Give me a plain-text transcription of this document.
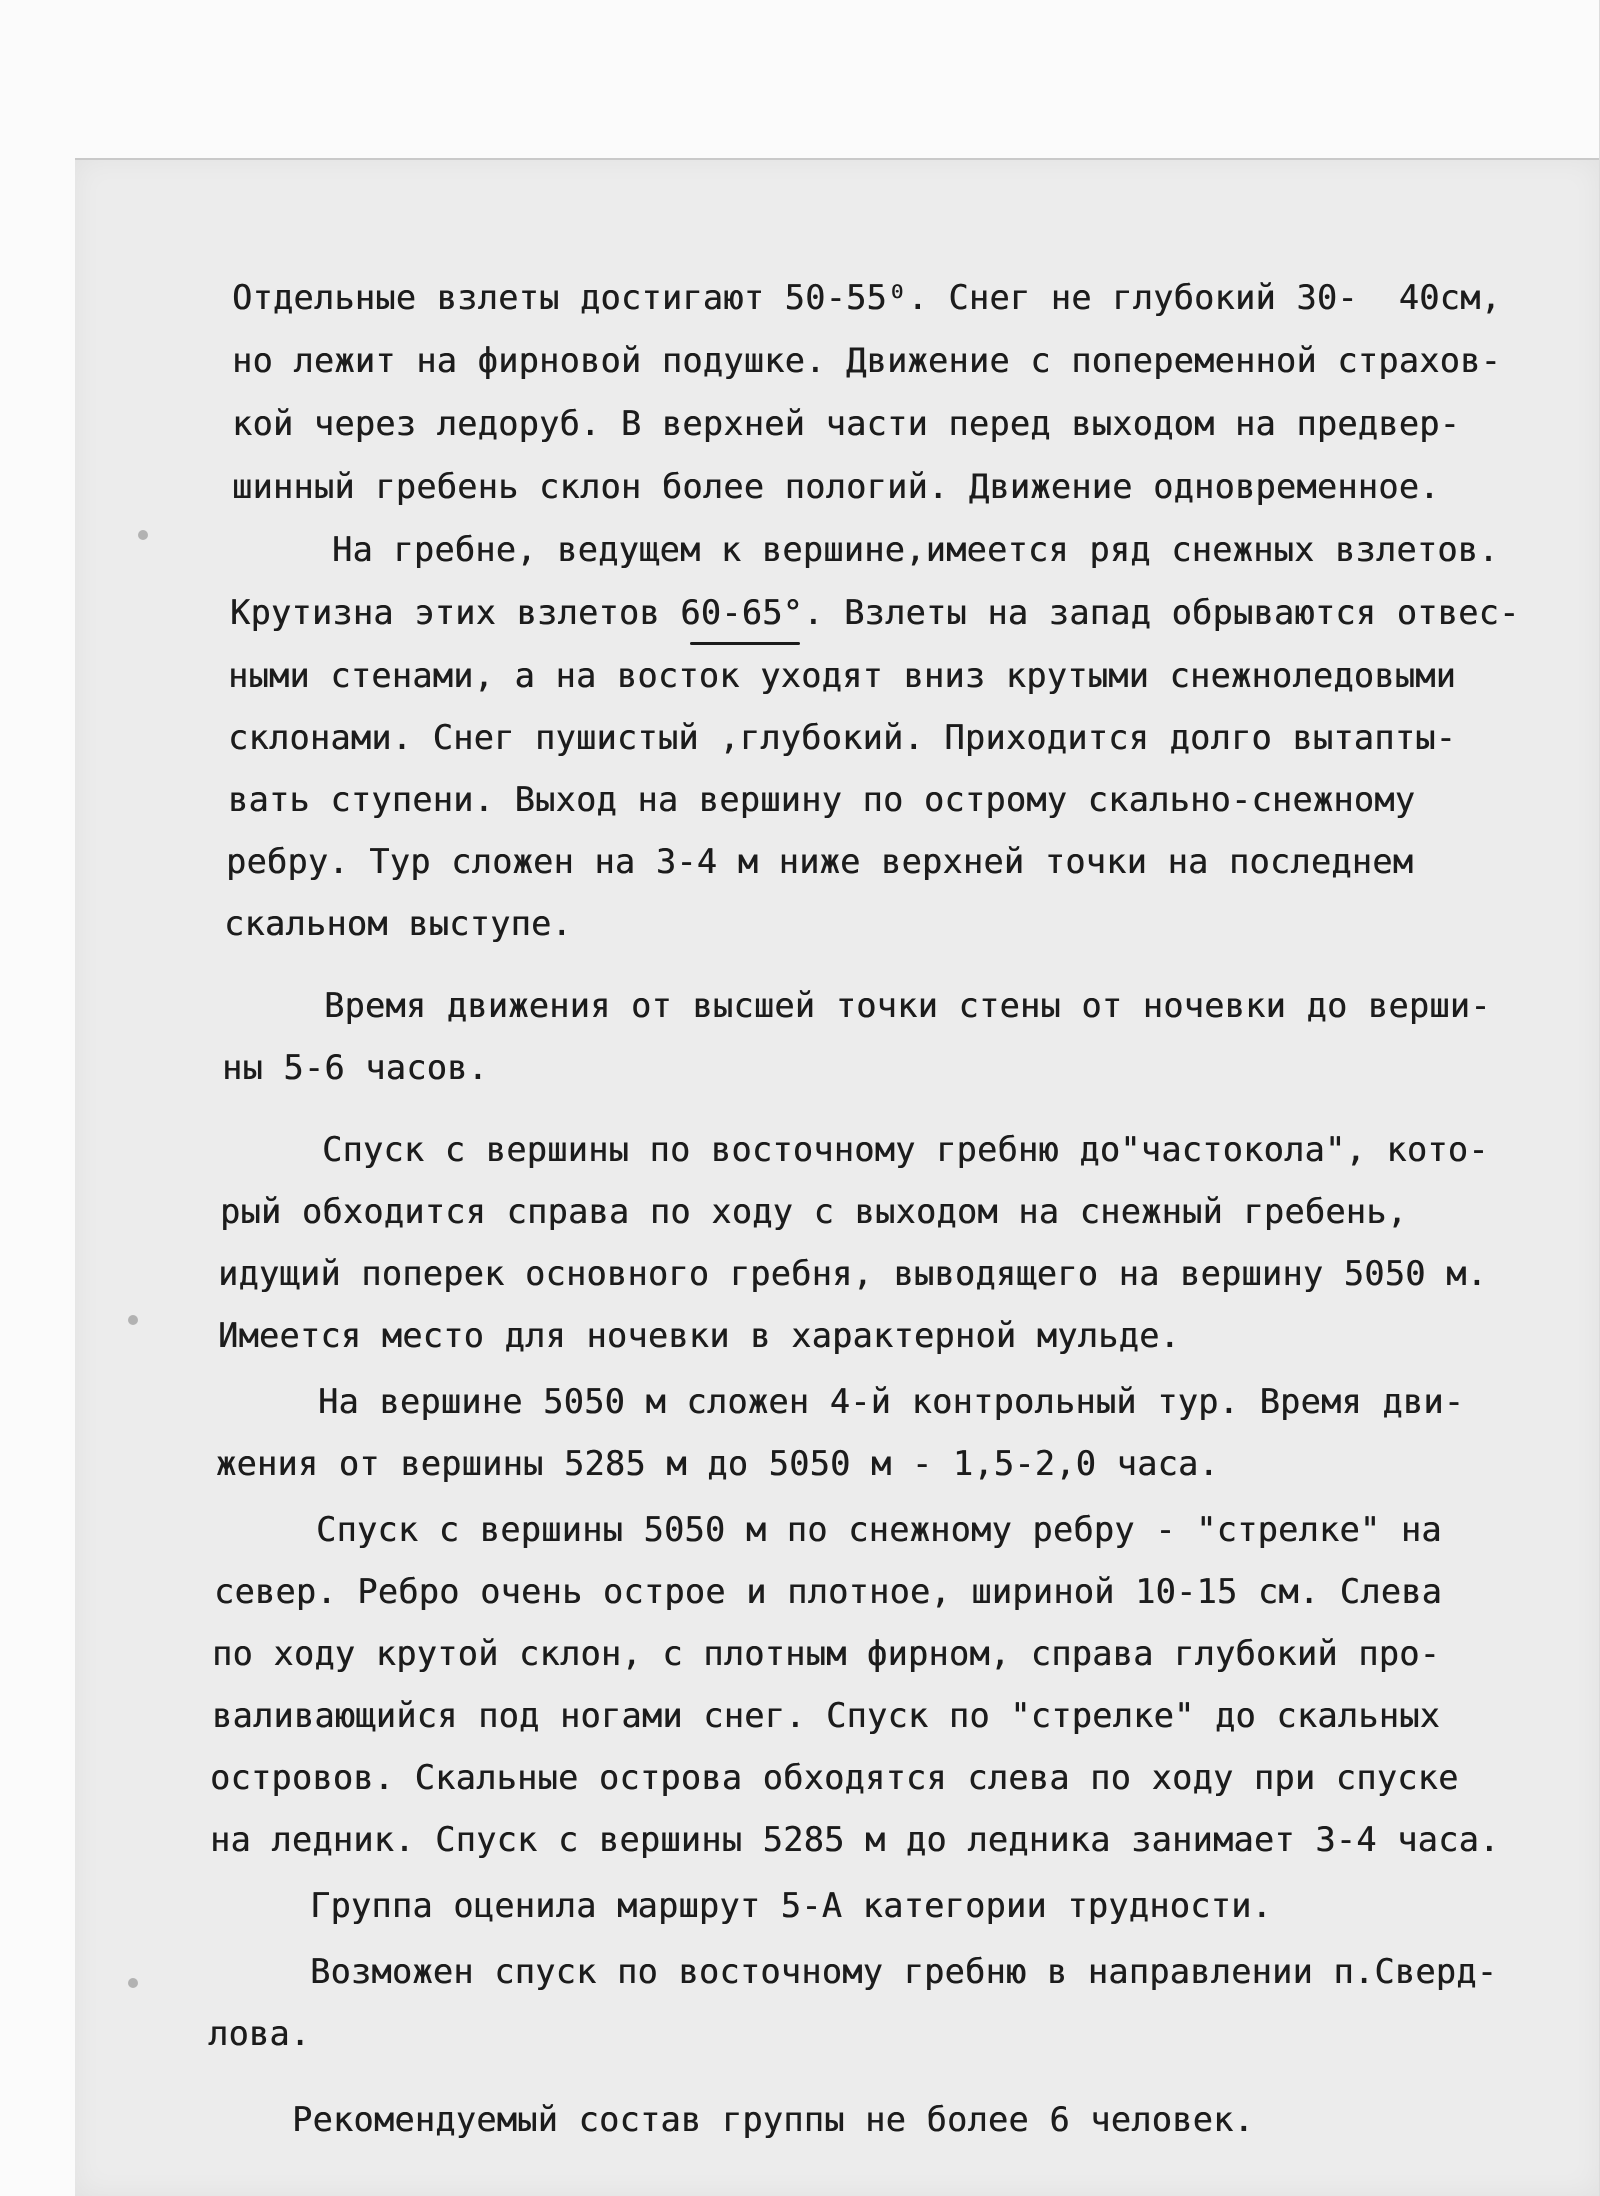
Отдельные взлеты достигают 50-55⁰. Снег не глубокий 30-  40см,
но лежит на фирновой подушке. Движение с попеременной страхов-
кой через ледоруб. В верхней части перед выходом на предвер-
шинный гребень склон более пологий. Движение одновременное.
На гребне, ведущем к вершине,имеется ряд снежных взлетов.
Крутизна этих взлетов 60-65°. Взлеты на запад обрываются отвес-
ными стенами, а на восток уходят вниз крутыми снежноледовыми
склонами. Снег пушистый ,глубокий. Приходится долго вытапты-
вать ступени. Выход на вершину по острому скально-снежному
ребру. Тур сложен на 3-4 м ниже верхней точки на последнем
скальном выступе.
Время движения от высшей точки стены от ночевки до верши-
ны 5-6 часов.
Спуск с вершины по восточному гребню до"частокола", кото-
рый обходится справа по ходу с выходом на снежный гребень,
идущий поперек основного гребня, выводящего на вершину 5050 м.
Имеется место для ночевки в характерной мульде.
На вершине 5050 м сложен 4-й контрольный тур. Время дви-
жения от вершины 5285 м до 5050 м - 1,5-2,0 часа.
Спуск с вершины 5050 м по снежному ребру - "стрелке" на
север. Ребро очень острое и плотное, шириной 10-15 см. Слева
по ходу крутой склон, с плотным фирном, справа глубокий про-
валивающийся под ногами снег. Спуск по "стрелке" до скальных
островов. Скальные острова обходятся слева по ходу при спуске
на ледник. Спуск с вершины 5285 м до ледника занимает 3-4 часа.
Группа оценила маршрут 5-А категории трудности.
Возможен спуск по восточному гребню в направлении п.Сверд-
лова.
Рекомендуемый состав группы не более 6 человек.
